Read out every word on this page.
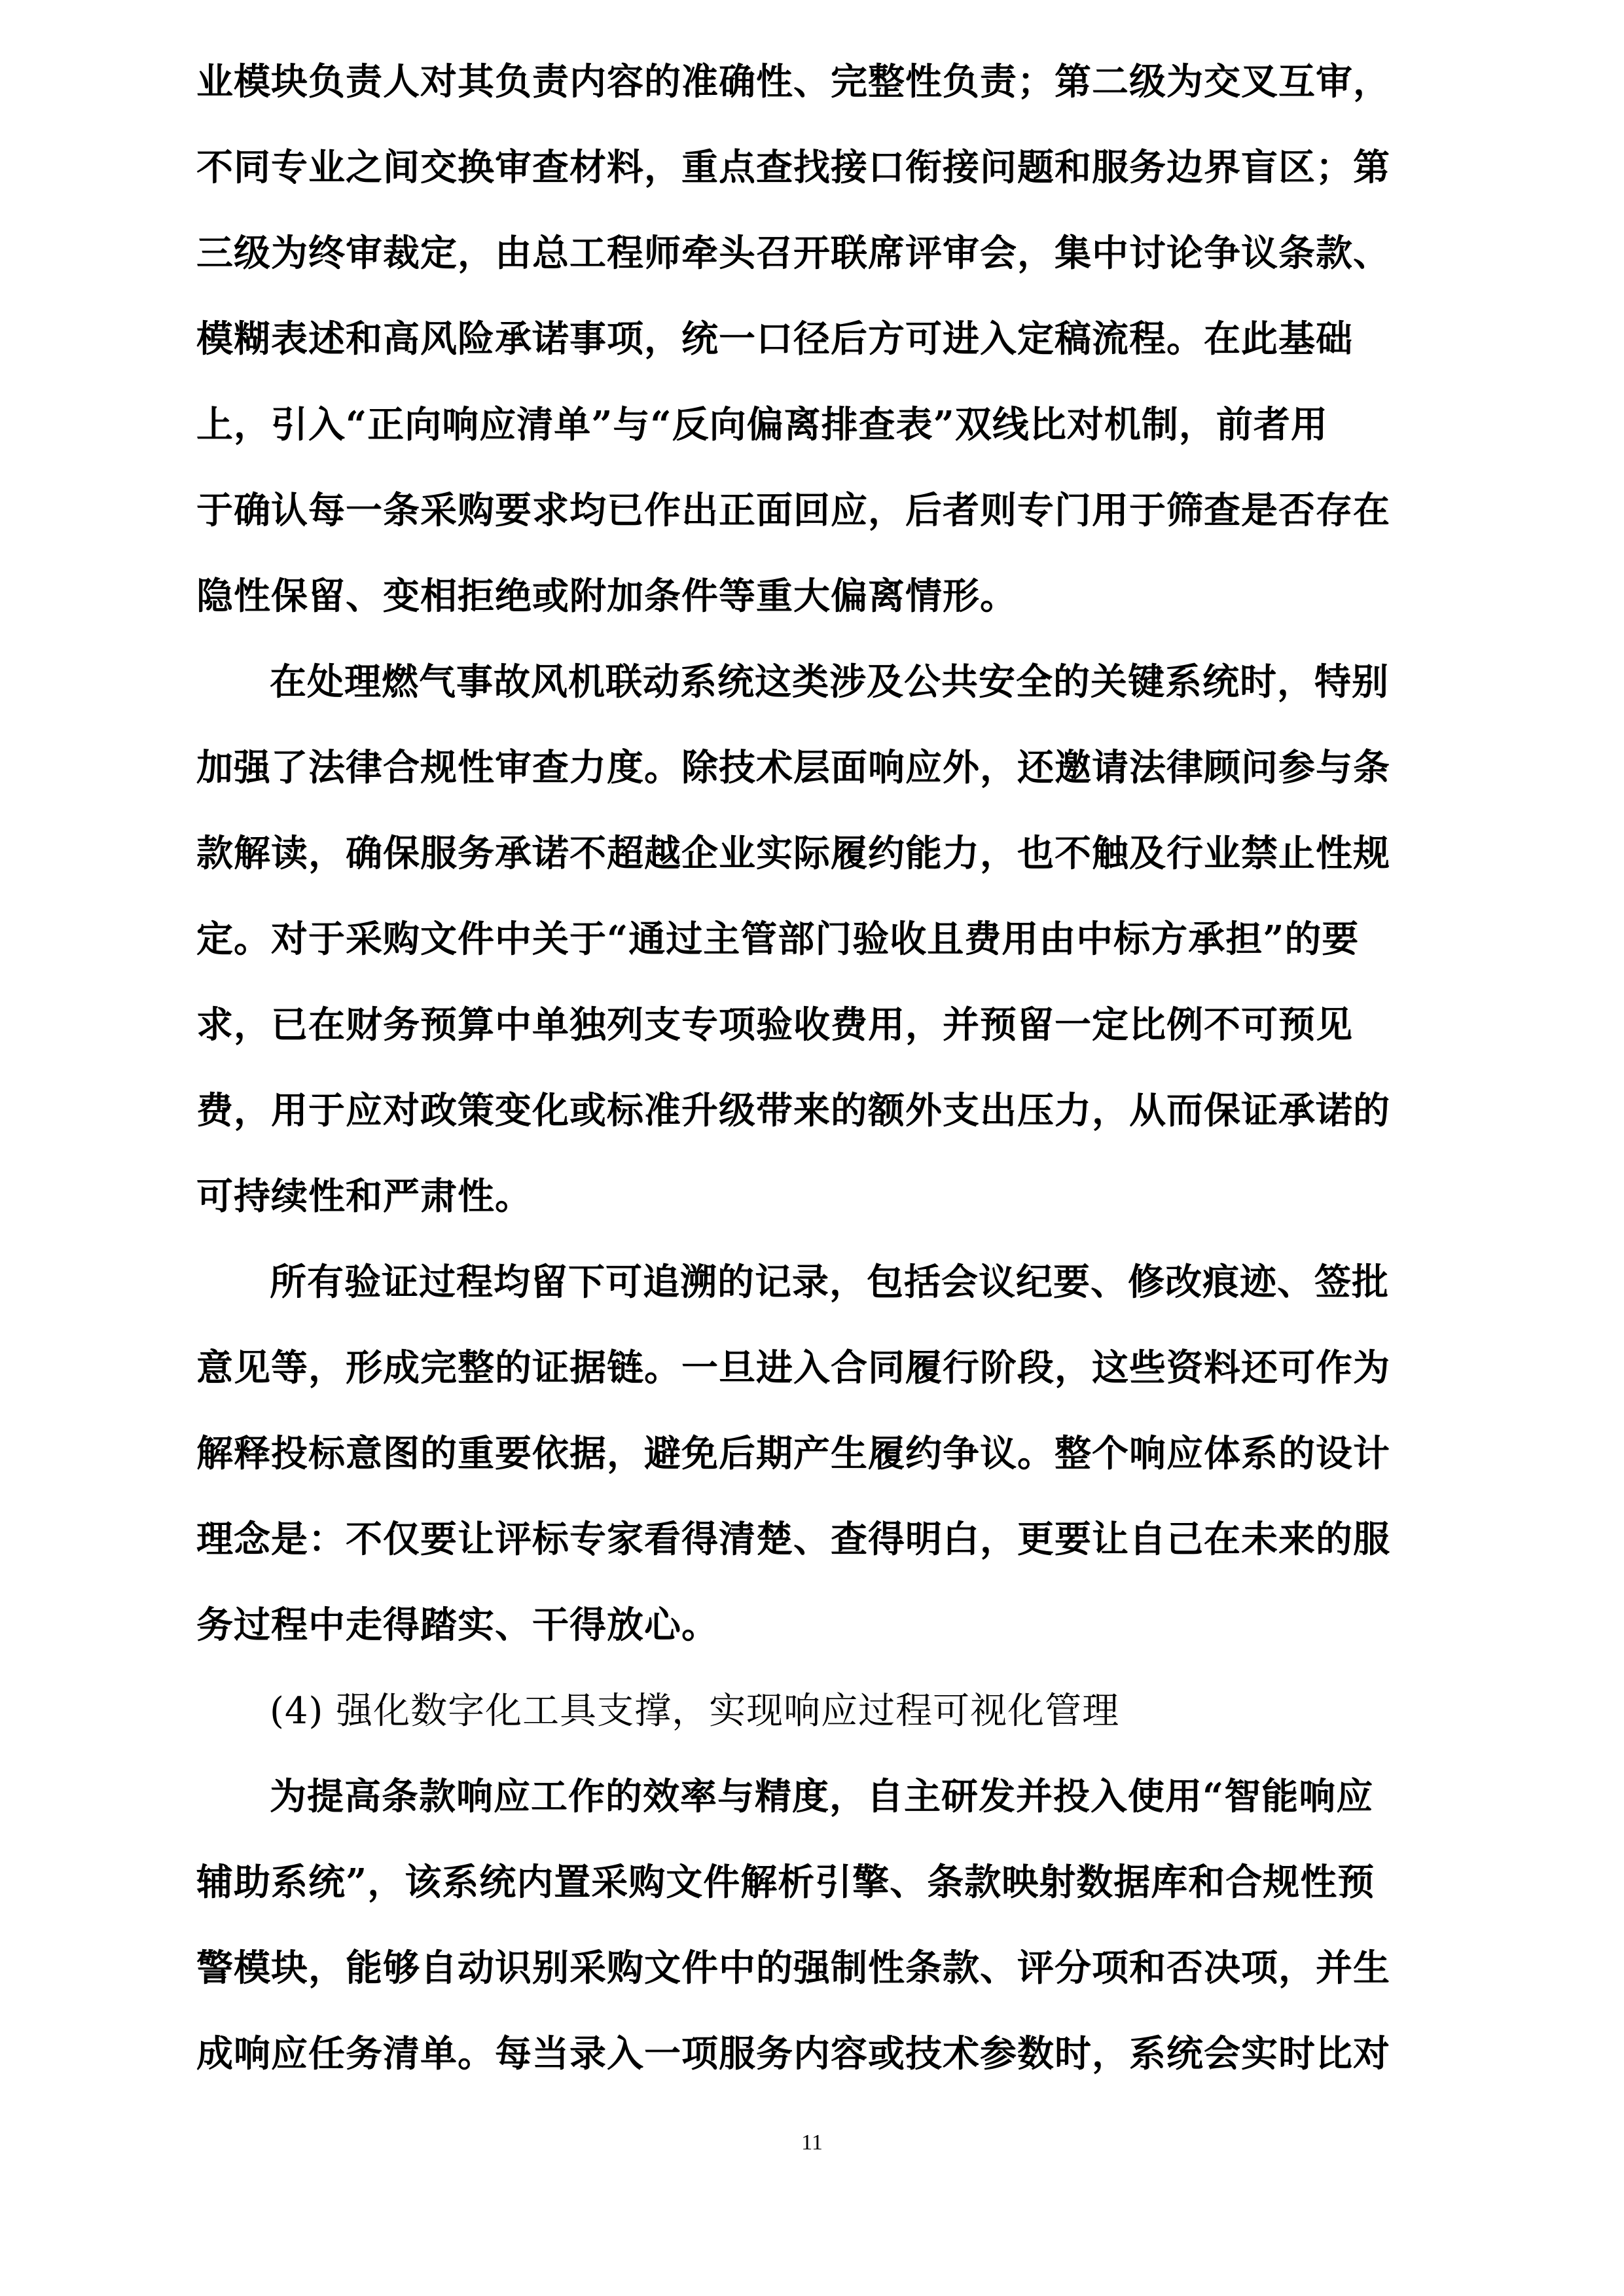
业模块负责人对其负责内容的准确性、完整性负责；第二级为交叉互审，
不同专业之间交换审查材料，重点查找接口衔接问题和服务边界盲区；第
三级为终审裁定，由总工程师牵头召开联席评审会，集中讨论争议条款、
模糊表述和高风险承诺事项，统一口径后方可进入定稿流程。在此基础
上，引入“正向响应清单”与“反向偏离排查表”双线比对机制，前者用
于确认每一条采购要求均已作出正面回应，后者则专门用于筛查是否存在
隐性保留、变相拒绝或附加条件等重大偏离情形。
在处理燃气事故风机联动系统这类涉及公共安全的关键系统时，特别
加强了法律合规性审查力度。除技术层面响应外，还邀请法律顾问参与条
款解读，确保服务承诺不超越企业实际履约能力，也不触及行业禁止性规
定。对于采购文件中关于“通过主管部门验收且费用由中标方承担”的要
求，已在财务预算中单独列支专项验收费用，并预留一定比例不可预见
费，用于应对政策变化或标准升级带来的额外支出压力，从而保证承诺的
可持续性和严肃性。
所有验证过程均留下可追溯的记录，包括会议纪要、修改痕迹、签批
意见等，形成完整的证据链。一旦进入合同履行阶段，这些资料还可作为
解释投标意图的重要依据，避免后期产生履约争议。整个响应体系的设计
理念是：不仅要让评标专家看得清楚、查得明白，更要让自己在未来的服
务过程中走得踏实、干得放心。
(4) 强化数字化工具支撑，实现响应过程可视化管理
为提高条款响应工作的效率与精度，自主研发并投入使用“智能响应
辅助系统”，该系统内置采购文件解析引擎、条款映射数据库和合规性预
警模块，能够自动识别采购文件中的强制性条款、评分项和否决项，并生
成响应任务清单。每当录入一项服务内容或技术参数时，系统会实时比对
11
